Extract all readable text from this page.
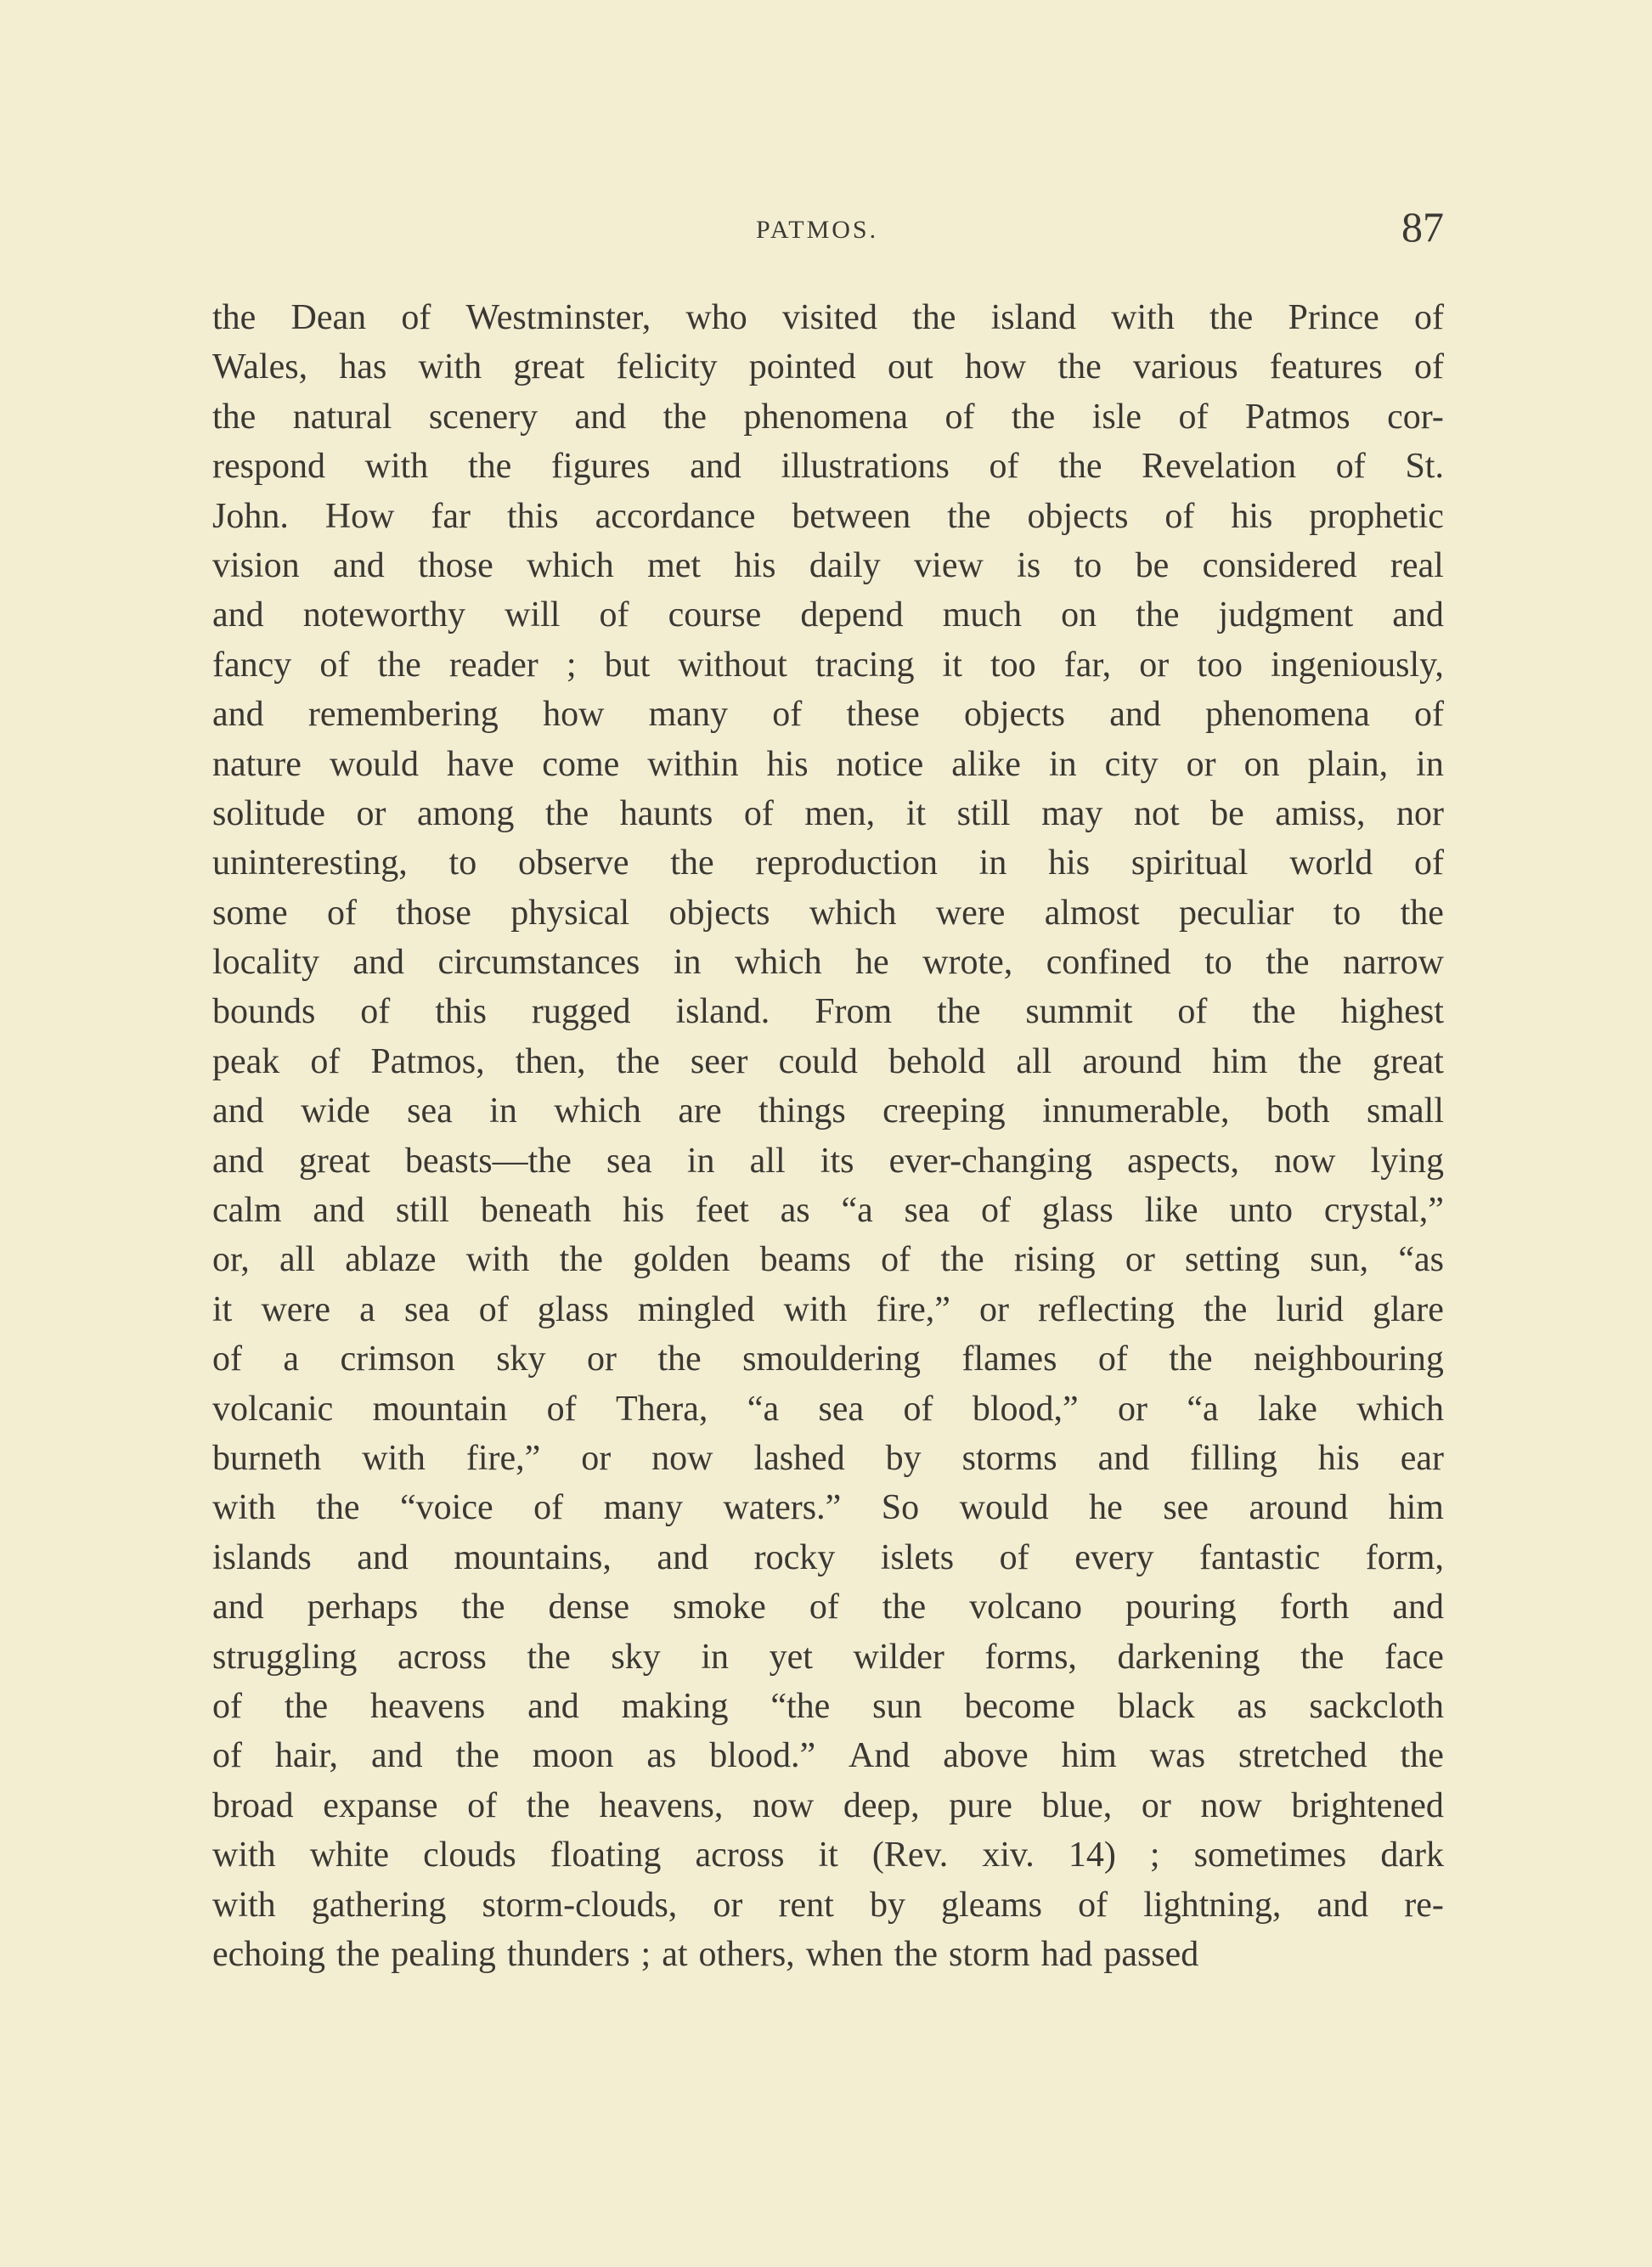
PATMOS.	87
the Dean of Westminster, who visited the island with the Prince of
Wales, has with great felicity pointed out how the various features of
the natural scenery and the phenomena of the isle of Patmos cor-
respond with the figures and illustrations of the Revelation of St.
John. How far this accordance between the objects of his prophetic
vision and those which met his daily view is to be considered real
and noteworthy will of course depend much on the judgment and
fancy of the reader ; but without tracing it too far, or too ingeniously,
and remembering how many of these objects and phenomena of
nature would have come within his notice alike in city or on plain, in
solitude or among the haunts of men, it still may not be amiss, nor
uninteresting, to observe the reproduction in his spiritual world of
some of those physical objects which were almost peculiar to the
locality and circumstances in which he wrote, confined to the narrow
bounds of this rugged island. From the summit of the highest
peak of Patmos, then, the seer could behold all around him the great
and wide sea in which are things creeping innumerable, both small
and great beasts—the sea in all its ever-changing aspects, now lying
calm and still beneath his feet as “a sea of glass like unto crystal,”
or, all ablaze with the golden beams of the rising or setting sun, “as
it were a sea of glass mingled with fire,” or reflecting the lurid glare
of a crimson sky or the smouldering flames of the neighbouring
volcanic mountain of Thera, “a sea of blood,” or “a lake which
burneth with fire,” or now lashed by storms and filling his ear
with the “voice of many waters.” So would he see around him
islands and mountains, and rocky islets of every fantastic form,
and perhaps the dense smoke of the volcano pouring forth and
struggling across the sky in yet wilder forms, darkening the face
of the heavens and making “the sun become black as sackcloth
of hair, and the moon as blood.” And above him was stretched the
broad expanse of the heavens, now deep, pure blue, or now brightened
with white clouds floating across it (Rev. xiv. 14) ; sometimes dark
with gathering storm-clouds, or rent by gleams of lightning, and re-
echoing the pealing thunders ; at others, when the storm had passed
